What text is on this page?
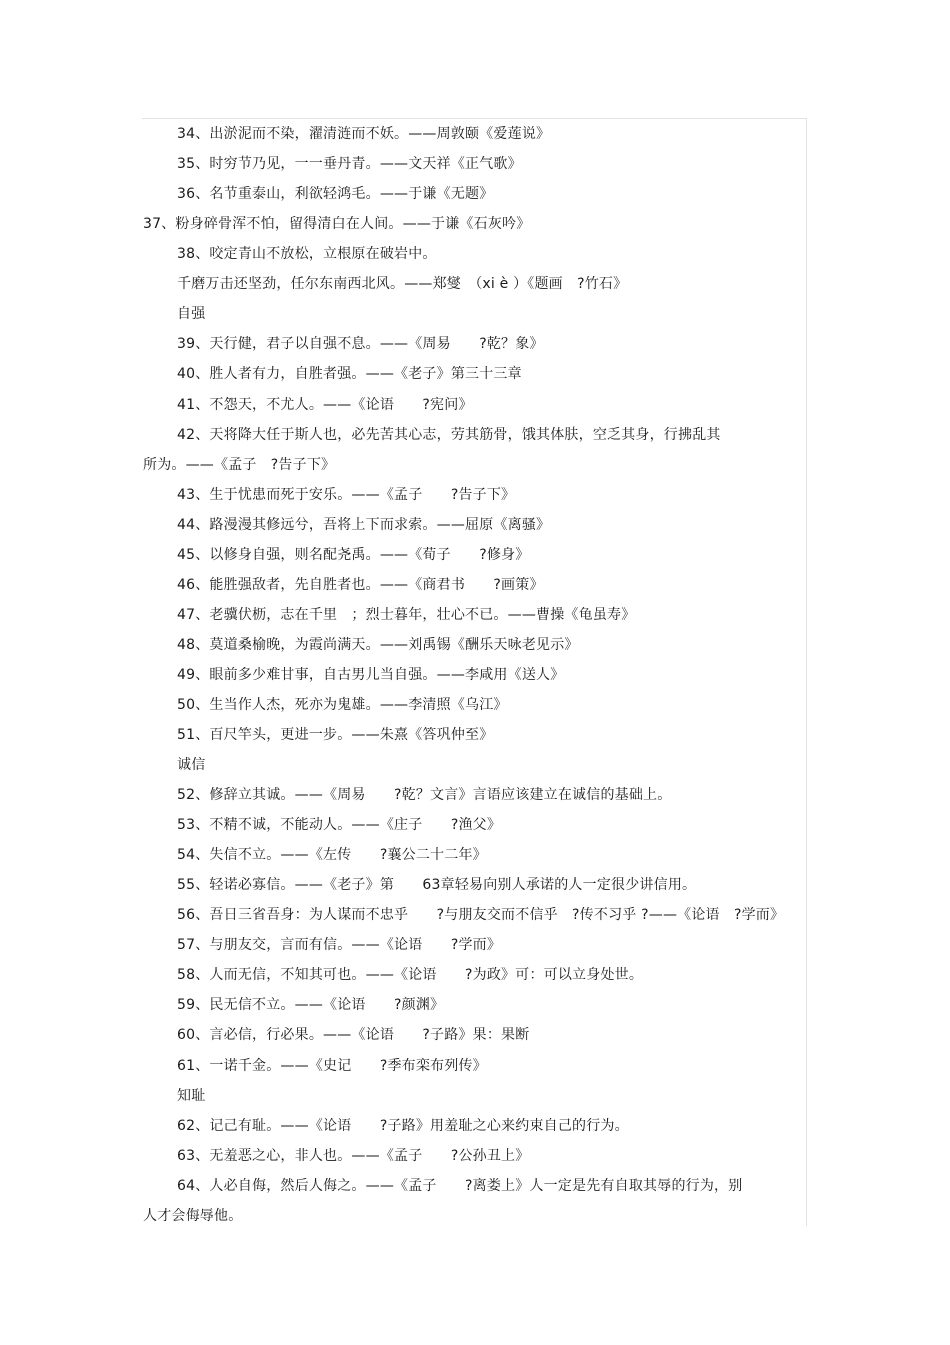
34、出淤泥而不染，濯清涟而不妖。——周敦颐《爱莲说》
35、时穷节乃见，一一垂丹青。——文天祥《正气歌》
36、名节重泰山，利欲轻鸿毛。——于谦《无题》
37、粉身碎骨浑不怕，留得清白在人间。——于谦《石灰吟》
38、咬定青山不放松，立根原在破岩中。
千磨万击还坚劲，任尔东南西北风。——郑燮　（xi è ）《题画　?竹石》
自强
39、天行健，君子以自强不息。——《周易　　?乾？象》
40、胜人者有力，自胜者强。——《老子》第三十三章
41、不怨天，不尤人。——《论语　　?宪问》
42、天将降大任于斯人也，必先苦其心志，劳其筋骨，饿其体肤，空乏其身，行拂乱其
所为。——《孟子　?告子下》
43、生于忧患而死于安乐。——《孟子　　?告子下》
44、路漫漫其修远兮，吾将上下而求索。——屈原《离骚》
45、以修身自强，则名配尧禹。——《荀子　　?修身》
46、能胜强敌者，先自胜者也。——《商君书　　?画策》
47、老骥伏枥，志在千里　；烈士暮年，壮心不已。——曹操《龟虽寿》
48、莫道桑榆晚，为霞尚满天。——刘禹锡《酬乐天咏老见示》
49、眼前多少难甘事，自古男儿当自强。——李咸用《送人》
50、生当作人杰，死亦为鬼雄。——李清照《乌江》
51、百尺竿头，更进一步。——朱熹《答巩仲至》
诚信
52、修辞立其诚。——《周易　　?乾？文言》言语应该建立在诚信的基础上。
53、不精不诚，不能动人。——《庄子　　?渔父》
54、失信不立。——《左传　　?襄公二十二年》
55、轻诺必寡信。——《老子》第　　63章轻易向别人承诺的人一定很少讲信用。
56、吾日三省吾身：为人谋而不忠乎　　?与朋友交而不信乎　?传不习乎 ?——《论语　?学而》
57、与朋友交，言而有信。——《论语　　?学而》
58、人而无信，不知其可也。——《论语　　?为政》可：可以立身处世。
59、民无信不立。——《论语　　?颜渊》
60、言必信，行必果。——《论语　　?子路》果：果断
61、一诺千金。——《史记　　?季布栾布列传》
知耻
62、记己有耻。——《论语　　?子路》用羞耻之心来约束自己的行为。
63、无羞恶之心，非人也。——《孟子　　?公孙丑上》
64、人必自侮，然后人侮之。——《孟子　　?离娄上》人一定是先有自取其辱的行为，别
人才会侮辱他。
